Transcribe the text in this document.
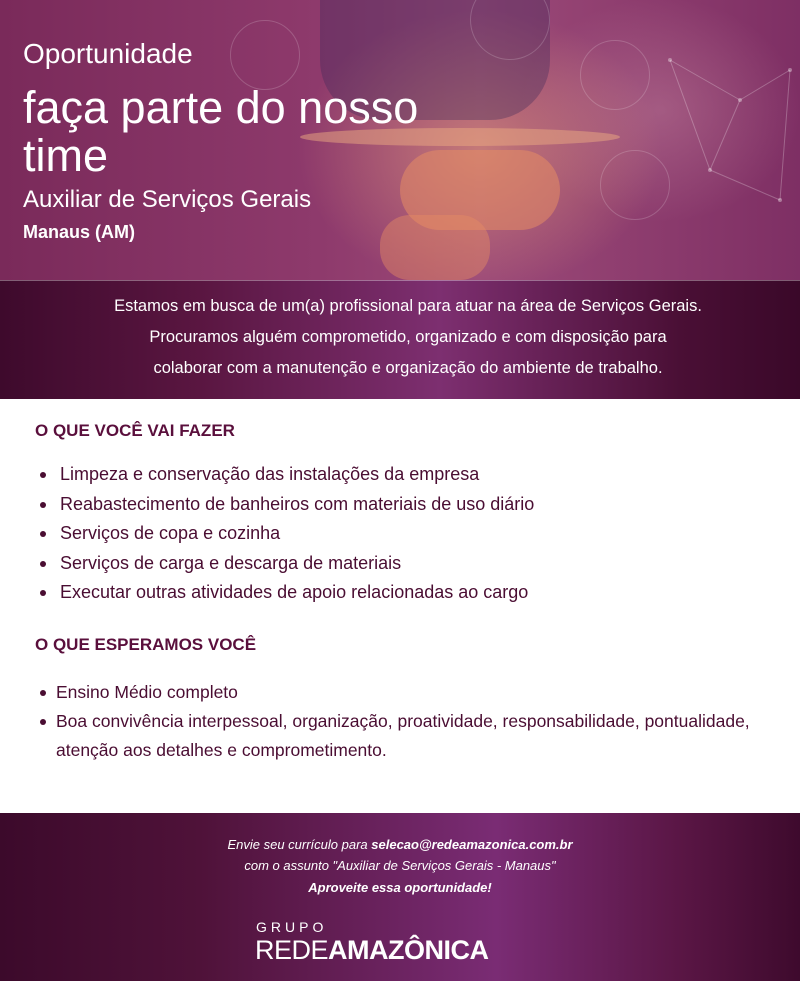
Oportunidade
faça parte do nosso time
Auxiliar de Serviços Gerais
Manaus (AM)
Estamos em busca de um(a) profissional para atuar na área de Serviços Gerais.
Procuramos alguém comprometido, organizado e com disposição para
colaborar com a manutenção e organização do ambiente de trabalho.
O QUE VOCÊ VAI FAZER
Limpeza e conservação das instalações da empresa
Reabastecimento de banheiros com materiais de uso diário
Serviços de copa e cozinha
Serviços de carga e descarga de materiais
Executar outras atividades de apoio relacionadas ao cargo
O QUE ESPERAMOS VOCÊ
Ensino Médio completo
Boa convivência interpessoal, organização, proatividade, responsabilidade, pontualidade, atenção aos detalhes e comprometimento.
Envie seu currículo para selecao@redeamazonica.com.br
com o assunto "Auxiliar de Serviços Gerais - Manaus"
Aproveite essa oportunidade!
GRUPO
REDEAMAZÔNICA
